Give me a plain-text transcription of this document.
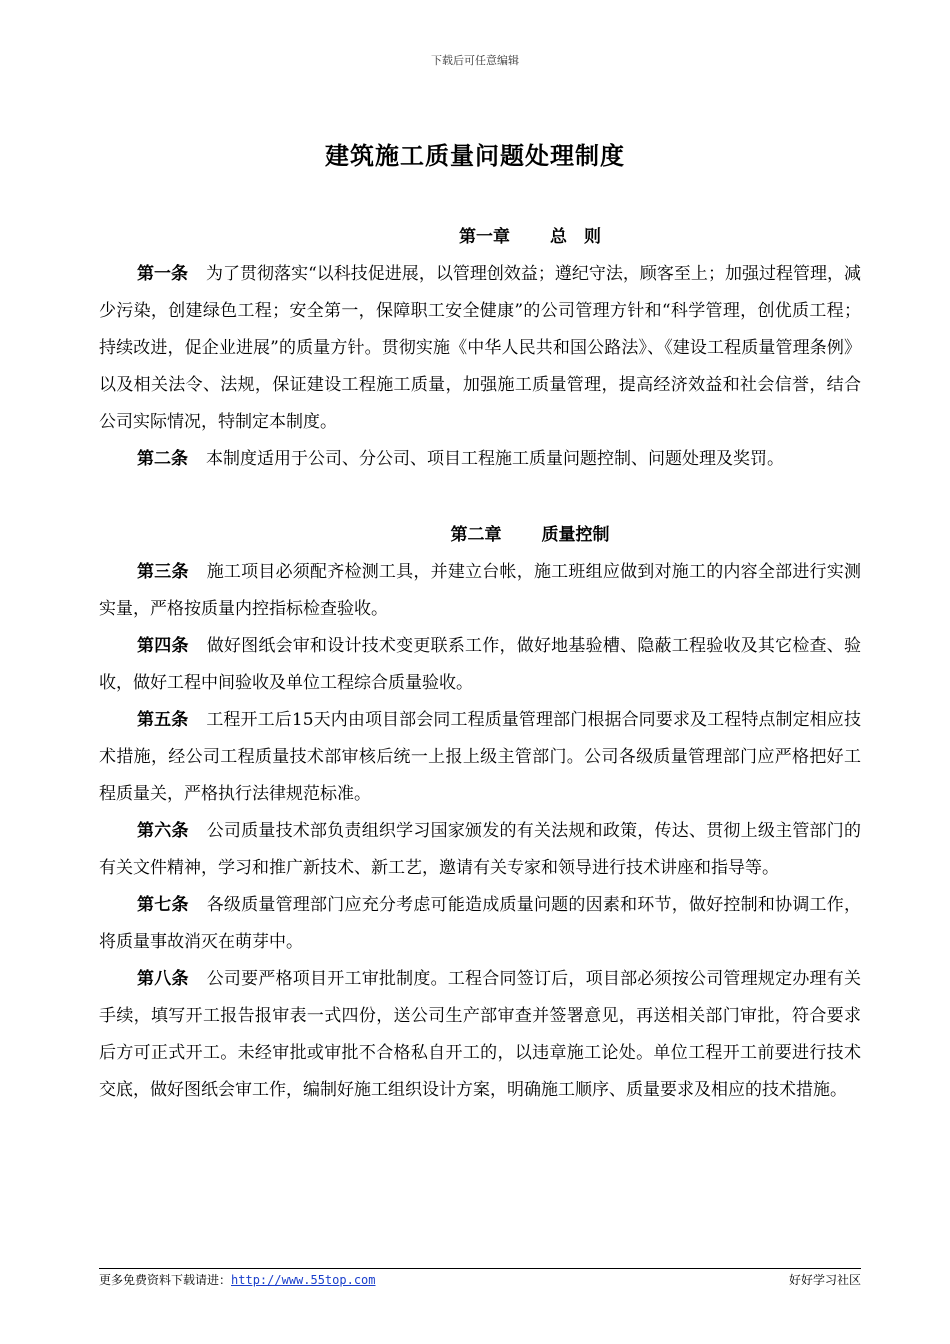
下载后可任意编辑
建筑施工质量问题处理制度
第一章 总　则
第一条 为了贯彻落实“以科技促进展，以管理创效益；遵纪守法，顾客至上；加强过程管理，减少污染，创建绿色工程；安全第一，保障职工安全健康”的公司管理方针和“科学管理，创优质工程；持续改进，促企业进展”的质量方针。贯彻实施《中华人民共和国公路法》、《建设工程质量管理条例》以及相关法令、法规，保证建设工程施工质量，加强施工质量管理，提高经济效益和社会信誉，结合公司实际情况，特制定本制度。
第二条 本制度适用于公司、分公司、项目工程施工质量问题控制、问题处理及奖罚。
第二章 质量控制
第三条 施工项目必须配齐检测工具，并建立台帐，施工班组应做到对施工的内容全部进行实测实量，严格按质量内控指标检查验收。
第四条 做好图纸会审和设计技术变更联系工作，做好地基验槽、隐蔽工程验收及其它检查、验收，做好工程中间验收及单位工程综合质量验收。
第五条 工程开工后15天内由项目部会同工程质量管理部门根据合同要求及工程特点制定相应技术措施，经公司工程质量技术部审核后统一上报上级主管部门。公司各级质量管理部门应严格把好工程质量关，严格执行法律规范标准。
第六条 公司质量技术部负责组织学习国家颁发的有关法规和政策，传达、贯彻上级主管部门的有关文件精神，学习和推广新技术、新工艺，邀请有关专家和领导进行技术讲座和指导等。
第七条 各级质量管理部门应充分考虑可能造成质量问题的因素和环节，做好控制和协调工作，将质量事故消灭在萌芽中。
第八条 公司要严格项目开工审批制度。工程合同签订后，项目部必须按公司管理规定办理有关手续，填写开工报告报审表一式四份，送公司生产部审查并签署意见，再送相关部门审批，符合要求后方可正式开工。未经审批或审批不合格私自开工的，以违章施工论处。单位工程开工前要进行技术交底，做好图纸会审工作，编制好施工组织设计方案，明确施工顺序、质量要求及相应的技术措施。
更多免费资料下载请进：http://www.55top.com	好好学习社区
